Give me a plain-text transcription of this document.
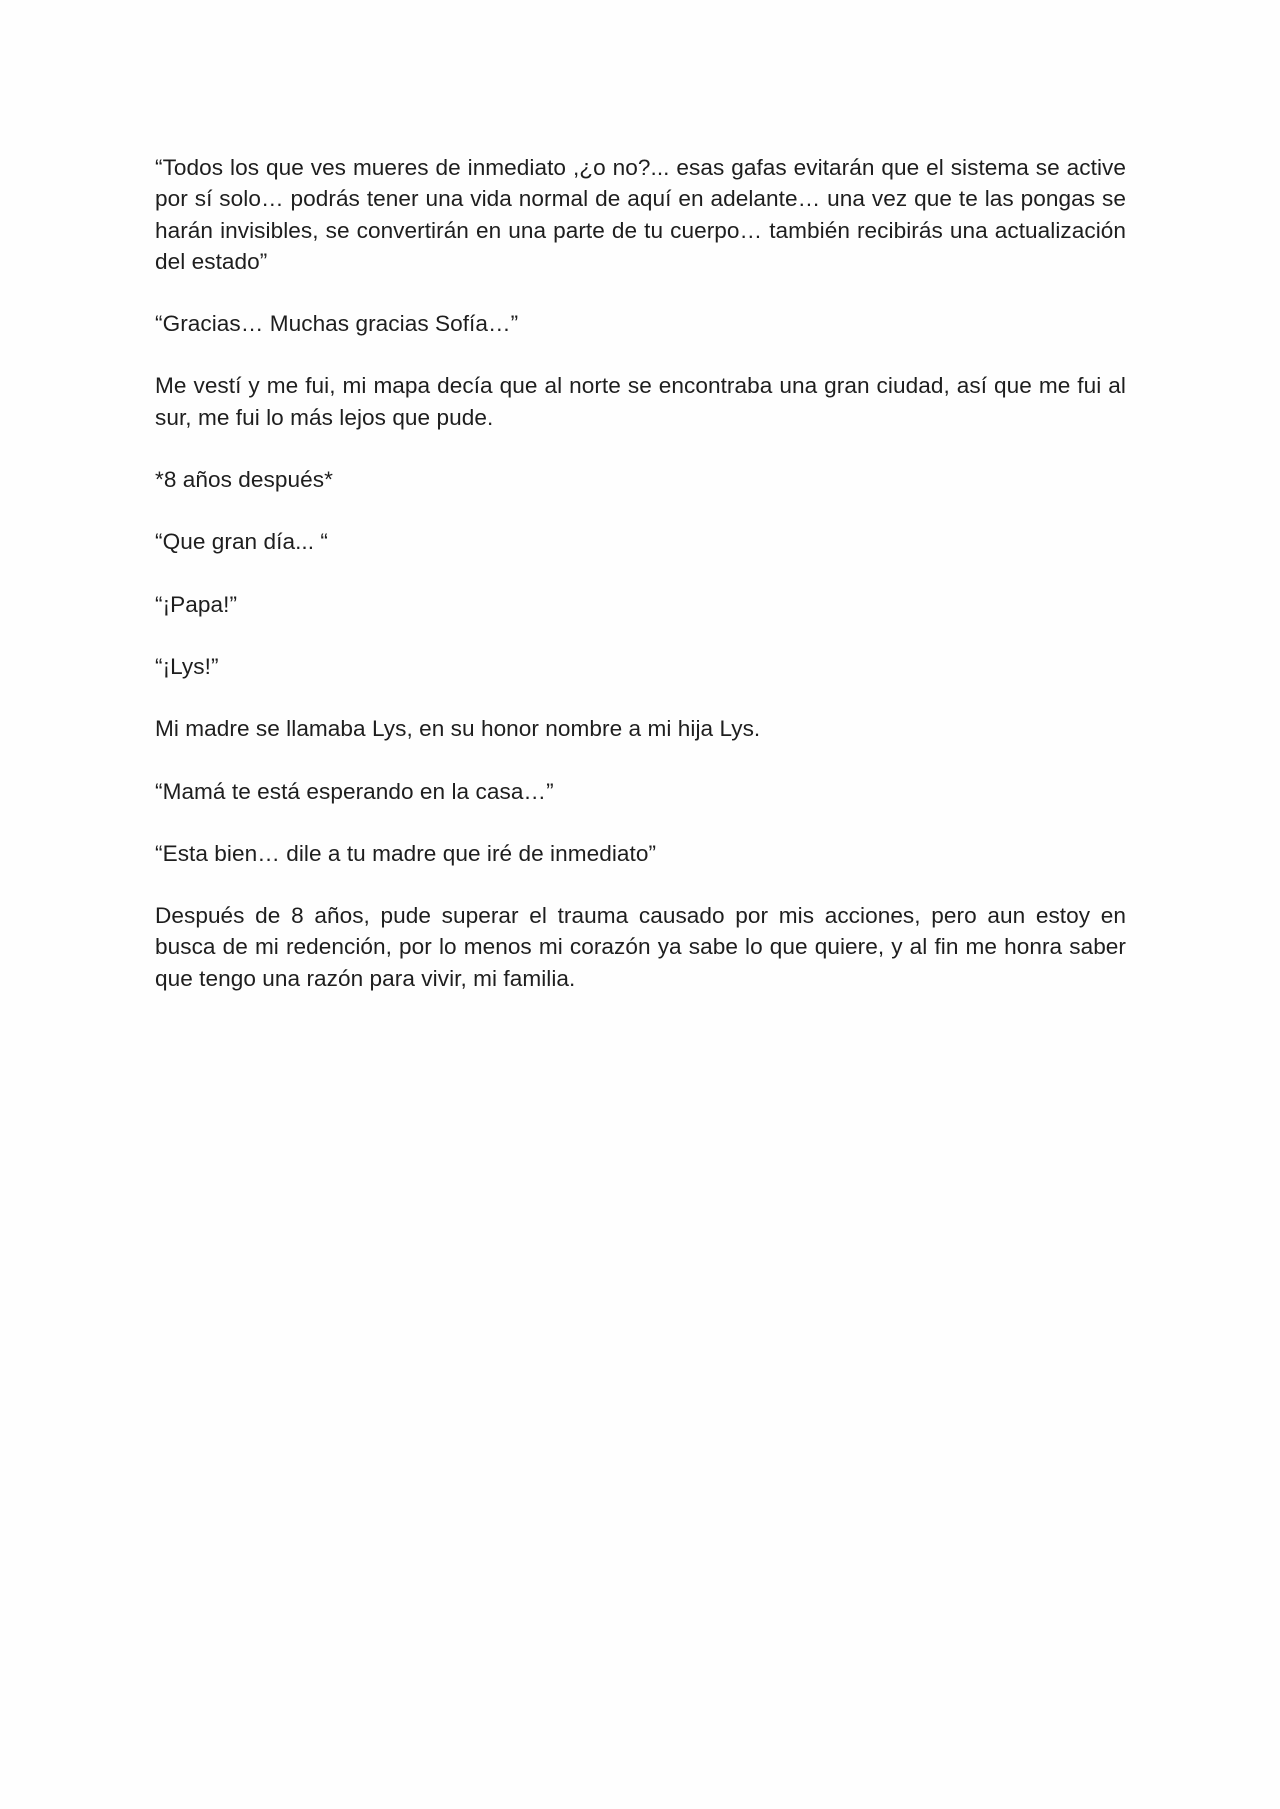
“Todos los que ves mueres de inmediato ,¿o no?... esas gafas evitarán que el sistema se active por sí solo… podrás tener una vida normal de aquí en adelante… una vez que te las pongas se harán invisibles, se convertirán en una parte de tu cuerpo… también recibirás una actualización del estado”

“Gracias… Muchas gracias Sofía…”

Me vestí y me fui, mi mapa decía que al norte se encontraba una gran ciudad, así que me fui al sur, me fui lo más lejos que pude.

*8 años después*

“Que gran día... “

“¡Papa!”

“¡Lys!”

Mi madre se llamaba Lys, en su honor nombre a mi hija Lys.

“Mamá te está esperando en la casa…”

“Esta bien… dile a tu madre que iré de inmediato”

Después de 8 años, pude superar el trauma causado por mis acciones, pero aun estoy en busca de mi redención, por lo menos mi corazón ya sabe lo que quiere, y al fin me honra saber que tengo una razón para vivir, mi familia.
